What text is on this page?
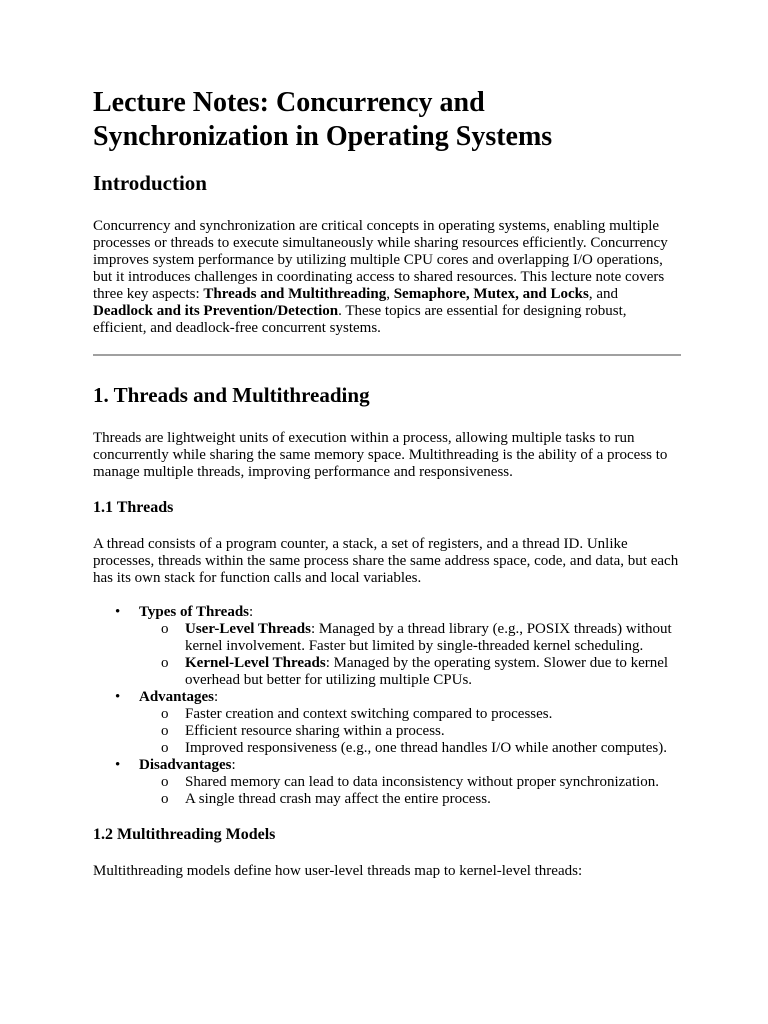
Lecture Notes: Concurrency and Synchronization in Operating Systems
Introduction

Concurrency and synchronization are critical concepts in operating systems, enabling multiple processes or threads to execute simultaneously while sharing resources efficiently. Concurrency improves system performance by utilizing multiple CPU cores and overlapping I/O operations, but it introduces challenges in coordinating access to shared resources. This lecture note covers three key aspects: Threads and Multithreading, Semaphore, Mutex, and Locks, and Deadlock and its Prevention/Detection. These topics are essential for designing robust, efficient, and deadlock-free concurrent systems.

1. Threads and Multithreading

Threads are lightweight units of execution within a process, allowing multiple tasks to run concurrently while sharing the same memory space. Multithreading is the ability of a process to manage multiple threads, improving performance and responsiveness.

1.1 Threads

A thread consists of a program counter, a stack, a set of registers, and a thread ID. Unlike processes, threads within the same process share the same address space, code, and data, but each has its own stack for function calls and local variables.

• Types of Threads:
o User-Level Threads: Managed by a thread library (e.g., POSIX threads) without kernel involvement. Faster but limited by single-threaded kernel scheduling.
o Kernel-Level Threads: Managed by the operating system. Slower due to kernel overhead but better for utilizing multiple CPUs.
• Advantages:
o Faster creation and context switching compared to processes.
o Efficient resource sharing within a process.
o Improved responsiveness (e.g., one thread handles I/O while another computes).
• Disadvantages:
o Shared memory can lead to data inconsistency without proper synchronization.
o A single thread crash may affect the entire process.
1.2 Multithreading Models

Multithreading models define how user-level threads map to kernel-level threads:
